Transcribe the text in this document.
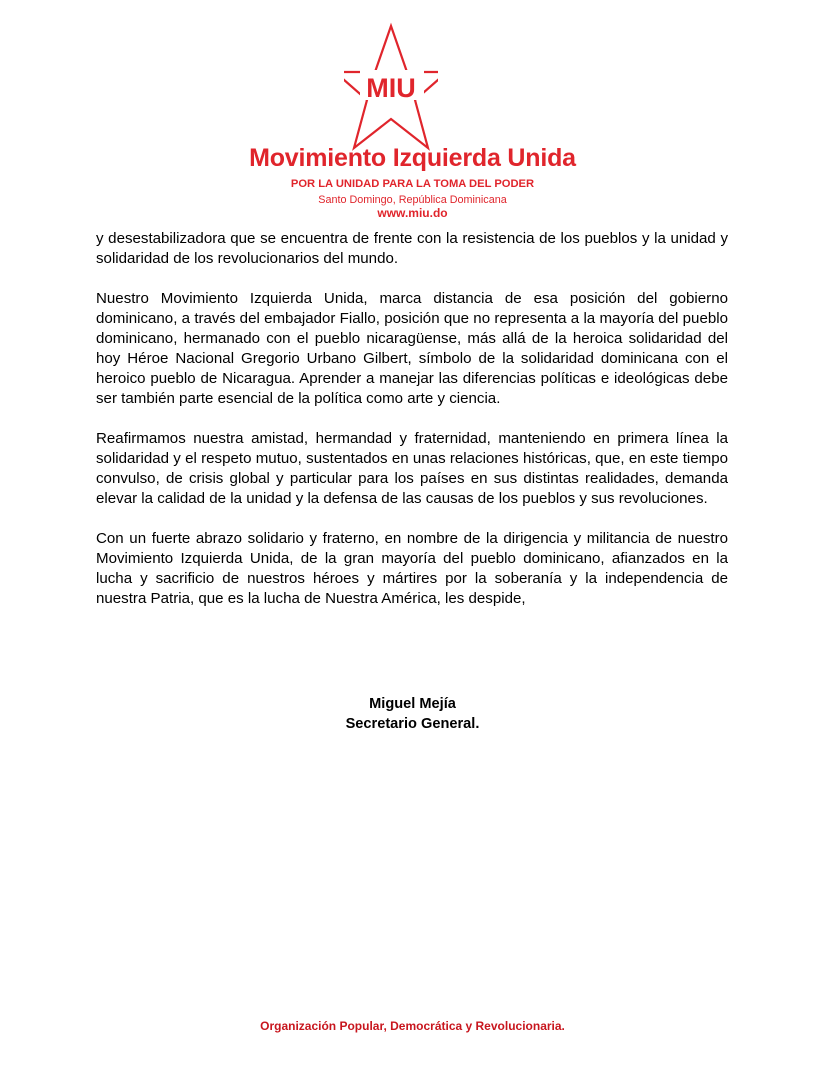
MIU
Movimiento Izquierda Unida
POR LA UNIDAD PARA LA TOMA DEL PODER
Santo Domingo, República Dominicana
www.miu.do

y desestabilizadora que se encuentra de frente con la resistencia de los pueblos y la unidad y solidaridad de los revolucionarios del mundo.

Nuestro Movimiento Izquierda Unida, marca distancia de esa posición del gobierno dominicano, a través del embajador Fiallo, posición que no representa a la mayoría del pueblo dominicano, hermanado con el pueblo nicaragüense, más allá de la heroica solidaridad del hoy Héroe Nacional Gregorio Urbano Gilbert, símbolo de la solidaridad dominicana con el heroico pueblo de Nicaragua. Aprender a manejar las diferencias políticas e ideológicas debe ser también parte esencial de la política como arte y ciencia.

Reafirmamos nuestra amistad, hermandad y fraternidad, manteniendo en primera línea la solidaridad y el respeto mutuo, sustentados en unas relaciones históricas, que, en este tiempo convulso, de crisis global y particular para los países en sus distintas realidades, demanda elevar la calidad de la unidad y la defensa de las causas de los pueblos y sus revoluciones.

Con un fuerte abrazo solidario y fraterno, en nombre de la dirigencia y militancia de nuestro Movimiento Izquierda Unida, de la gran mayoría del pueblo dominicano, afianzados en la lucha y sacrificio de nuestros héroes y mártires por la soberanía y la independencia de nuestra Patria, que es la lucha de Nuestra América, les despide,

Miguel Mejía
Secretario General.
Organización Popular, Democrática y Revolucionaria.
